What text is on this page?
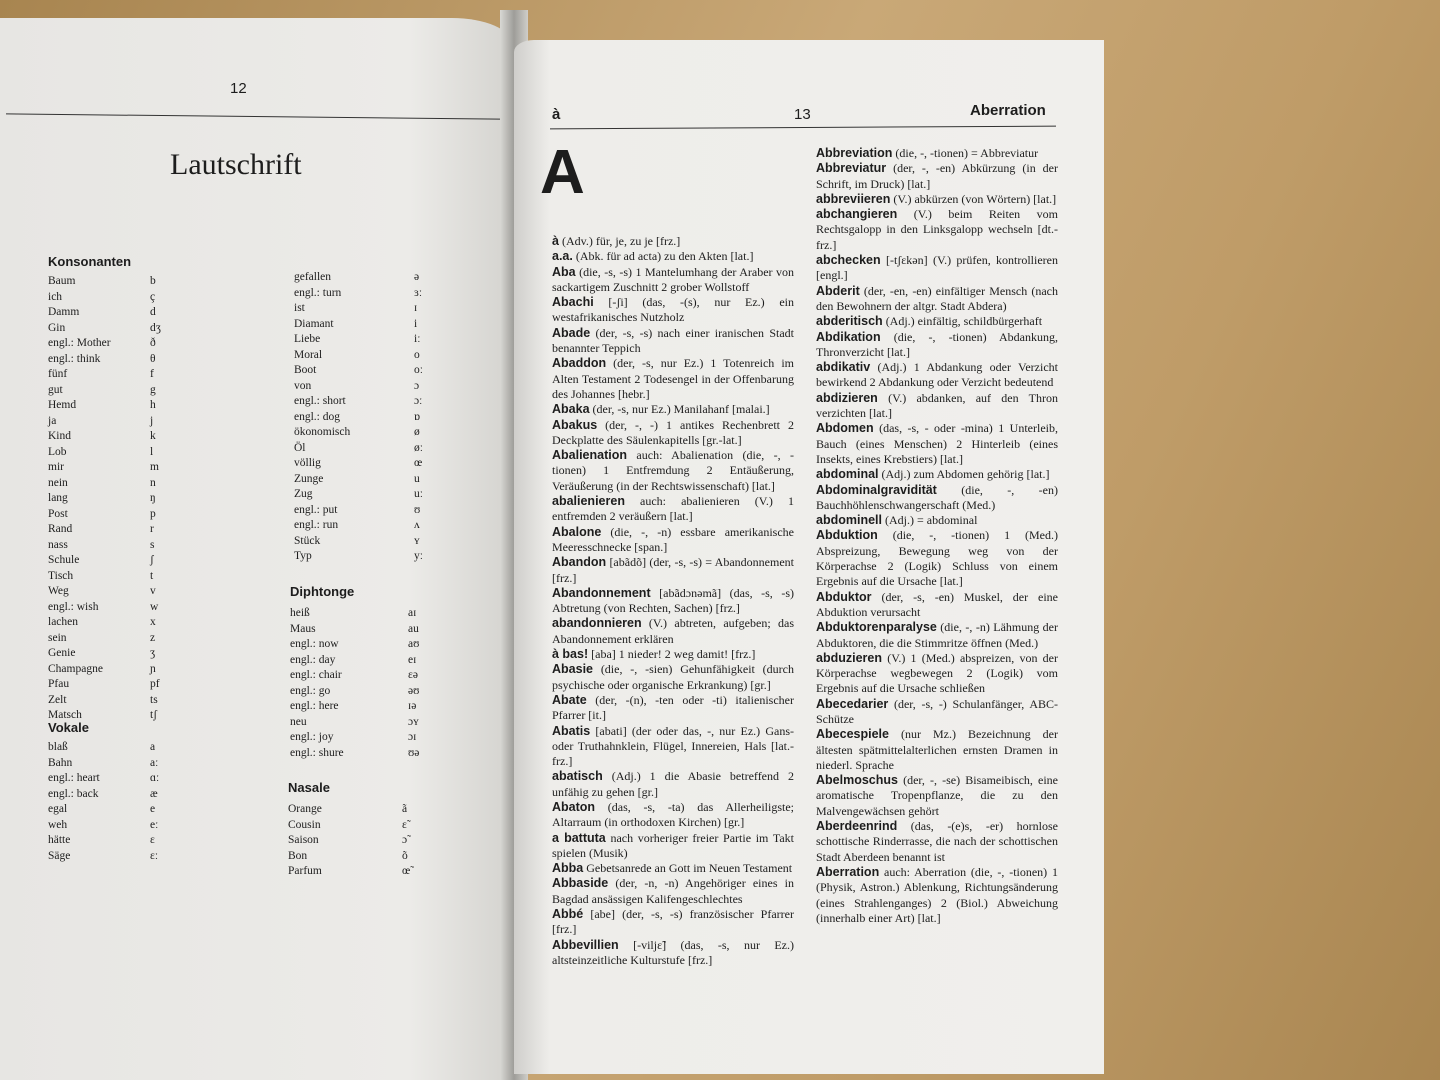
12
Lautschrift
Konsonanten
Baum
ich
Damm
Gin
engl.: Mother
engl.: think
fünf
gut
Hemd
ja
Kind
Lob
mir
nein
lang
Post
Rand
nass
Schule
Tisch
Weg
engl.: wish
lachen
sein
Genie
Champagne
Pfau
Zelt
Matsch
b
ç
d
dʒ
ð
θ
f
g
h
j
k
l
m
n
ŋ
p
r
s
ʃ
t
v
w
x
z
ʒ
ɲ
pf
ts
tʃ
Vokale
blaß
Bahn
engl.: heart
engl.: back
egal
weh
hätte
Säge
a
aː
ɑː
æ
e
eː
ɛ
ɛː
gefallen
engl.: turn
ist
Diamant
Liebe
Moral
Boot
von
engl.: short
engl.: dog
ökonomisch
Öl
völlig
Zunge
Zug
engl.: put
engl.: run
Stück
Typ
ə
ɜː
ɪ
i
iː
o
oː
ɔ
ɔː
ɒ
ø
øː
œ
u
uː
ʊ
ʌ
ʏ
yː
Diphtonge
heiß
Maus
engl.: now
engl.: day
engl.: chair
engl.: go
engl.: here
neu
engl.: joy
engl.: shure
aɪ
au
aʊ
eɪ
ɛə
əʊ
ɪə
ɔʏ
ɔɪ
ʊə
Nasale
Orange
Cousin
Saison
Bon
Parfum
ã
ɛ̃
ɔ̃
õ
œ̃
à	13	Aberration
A
à (Adv.) für, je, zu je [frz.]
a.a. (Abk. für ad acta) zu den Akten [lat.]
Aba (die, -s, -s) 1 Mantelumhang der Araber von sackartigem Zuschnitt 2 grober Wollstoff
Abachi [-ʃi] (das, -(s), nur Ez.) ein westafrikanisches Nutzholz
Abade (der, -s, -s) nach einer iranischen Stadt benannter Teppich
Abaddon (der, -s, nur Ez.) 1 Totenreich im Alten Testament 2 Todesengel in der Offenbarung des Johannes [hebr.]
Abaka (der, -s, nur Ez.) Manilahanf [malai.]
Abakus (der, -, -) 1 antikes Rechenbrett 2 Deckplatte des Säulenkapitells [gr.-lat.]
Abalienation auch: Abalienation (die, -, -tionen) 1 Entfremdung 2 Entäußerung, Veräußerung (in der Rechtswissenschaft) [lat.]
abalienieren auch: abalienieren (V.) 1 entfremden 2 veräußern [lat.]
Abalone (die, -, -n) essbare amerikanische Meeresschnecke [span.]
Abandon [abãdõ] (der, -s, -s) = Abandonnement [frz.]
Abandonnement [abãdɔnəmã] (das, -s, -s) Abtretung (von Rechten, Sachen) [frz.]
abandonnieren (V.) abtreten, aufgeben; das Abandonnement erklären
à bas! [aba] 1 nieder! 2 weg damit! [frz.]
Abasie (die, -, -sien) Gehunfähigkeit (durch psychische oder organische Erkrankung) [gr.]
Abate (der, -(n), -ten oder -ti) italienischer Pfarrer [it.]
Abatis [abati] (der oder das, -, nur Ez.) Gans- oder Truthahnklein, Flügel, Innereien, Hals [lat.-frz.]
abatisch (Adj.) 1 die Abasie betreffend 2 unfähig zu gehen [gr.]
Abaton (das, -s, -ta) das Allerheiligste; Altarraum (in orthodoxen Kirchen) [gr.]
a battuta nach vorheriger freier Partie im Takt spielen (Musik)
Abba Gebetsanrede an Gott im Neuen Testament
Abbaside (der, -n, -n) Angehöriger eines in Bagdad ansässigen Kalifengeschlechtes
Abbé [abe] (der, -s, -s) französischer Pfarrer [frz.]
Abbevillien [-viljɛ̃] (das, -s, nur Ez.) altsteinzeitliche Kulturstufe [frz.]
Abbreviation (die, -, -tionen) = Abbreviatur
Abbreviatur (der, -, -en) Abkürzung (in der Schrift, im Druck) [lat.]
abbreviieren (V.) abkürzen (von Wörtern) [lat.]
abchangieren (V.) beim Reiten vom Rechtsgalopp in den Linksgalopp wechseln [dt.-frz.]
abchecken [-tʃɛkən] (V.) prüfen, kontrollieren [engl.]
Abderit (der, -en, -en) einfältiger Mensch (nach den Bewohnern der altgr. Stadt Abdera)
abderitisch (Adj.) einfältig, schildbürgerhaft
Abdikation (die, -, -tionen) Abdankung, Thronverzicht [lat.]
abdikativ (Adj.) 1 Abdankung oder Verzicht bewirkend 2 Abdankung oder Verzicht bedeutend
abdizieren (V.) abdanken, auf den Thron verzichten [lat.]
Abdomen (das, -s, - oder -mina) 1 Unterleib, Bauch (eines Menschen) 2 Hinterleib (eines Insekts, eines Krebstiers) [lat.]
abdominal (Adj.) zum Abdomen gehörig [lat.]
Abdominalgravidität (die, -, -en) Bauchhöhlenschwangerschaft (Med.)
abdominell (Adj.) = abdominal
Abduktion (die, -, -tionen) 1 (Med.) Abspreizung, Bewegung weg von der Körperachse 2 (Logik) Schluss von einem Ergebnis auf die Ursache [lat.]
Abduktor (der, -s, -en) Muskel, der eine Abduktion verursacht
Abduktorenparalyse (die, -, -n) Lähmung der Abduktoren, die die Stimmritze öffnen (Med.)
abduzieren (V.) 1 (Med.) abspreizen, von der Körperachse wegbewegen 2 (Logik) vom Ergebnis auf die Ursache schließen
Abecedarier (der, -s, -) Schulanfänger, ABC-Schütze
Abecespiele (nur Mz.) Bezeichnung der ältesten spätmittelalterlichen ernsten Dramen in niederl. Sprache
Abelmoschus (der, -, -se) Bisameibisch, eine aromatische Tropenpflanze, die zu den Malvengewächsen gehört
Aberdeenrind (das, -(e)s, -er) hornlose schottische Rinderrasse, die nach der schottischen Stadt Aberdeen benannt ist
Aberration auch: Aberration (die, -, -tionen) 1 (Physik, Astron.) Ablenkung, Richtungsänderung (eines Strahlenganges) 2 (Biol.) Abweichung (innerhalb einer Art) [lat.]
